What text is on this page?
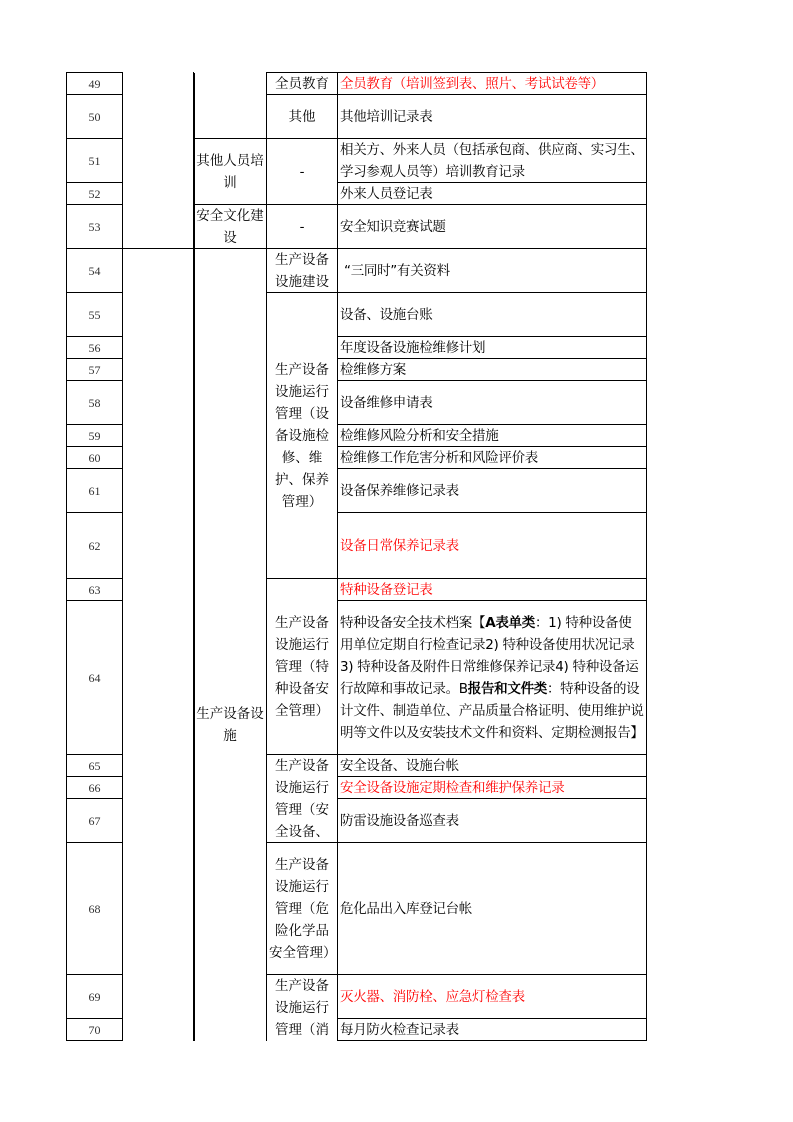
49
50
51
52
53
54
55
56
57
58
59
60
61
62
63
64
65
66
67
68
69
70
其他人员培训
安全文化建设
生产设备设施
全员教育
其他
-
-
生产设备设施建设
生产设备设施运行管理（设备设施检修、维护、保养管理）
生产设备设施运行管理（特种设备安全管理）
生产设备设施运行管理（安全设备、
生产设备设施运行管理（危险化学品安全管理）
生产设备设施运行管理（消
全员教育（培训签到表、照片、考试试卷等）
其他培训记录表
相关方、外来人员（包括承包商、供应商、实习生、学习参观人员等）培训教育记录
外来人员登记表
安全知识竞赛试题
“三同时”有关资料
设备、设施台账
年度设备设施检维修计划
检维修方案
设备维修申请表
检维修风险分析和安全措施
检维修工作危害分析和风险评价表
设备保养维修记录表
设备日常保养记录表
特种设备登记表
特种设备安全技术档案【A表单类：1) 特种设备使用单位定期自行检查记录2) 特种设备使用状况记录3) 特种设备及附件日常维修保养记录4) 特种设备运行故障和事故记录。B报告和文件类：特种设备的设计文件、制造单位、产品质量合格证明、使用维护说明等文件以及安装技术文件和资料、定期检测报告】
安全设备、设施台帐
安全设备设施定期检查和维护保养记录
防雷设施设备巡查表
危化品出入库登记台帐
灭火器、消防栓、应急灯检查表
每月防火检查记录表
